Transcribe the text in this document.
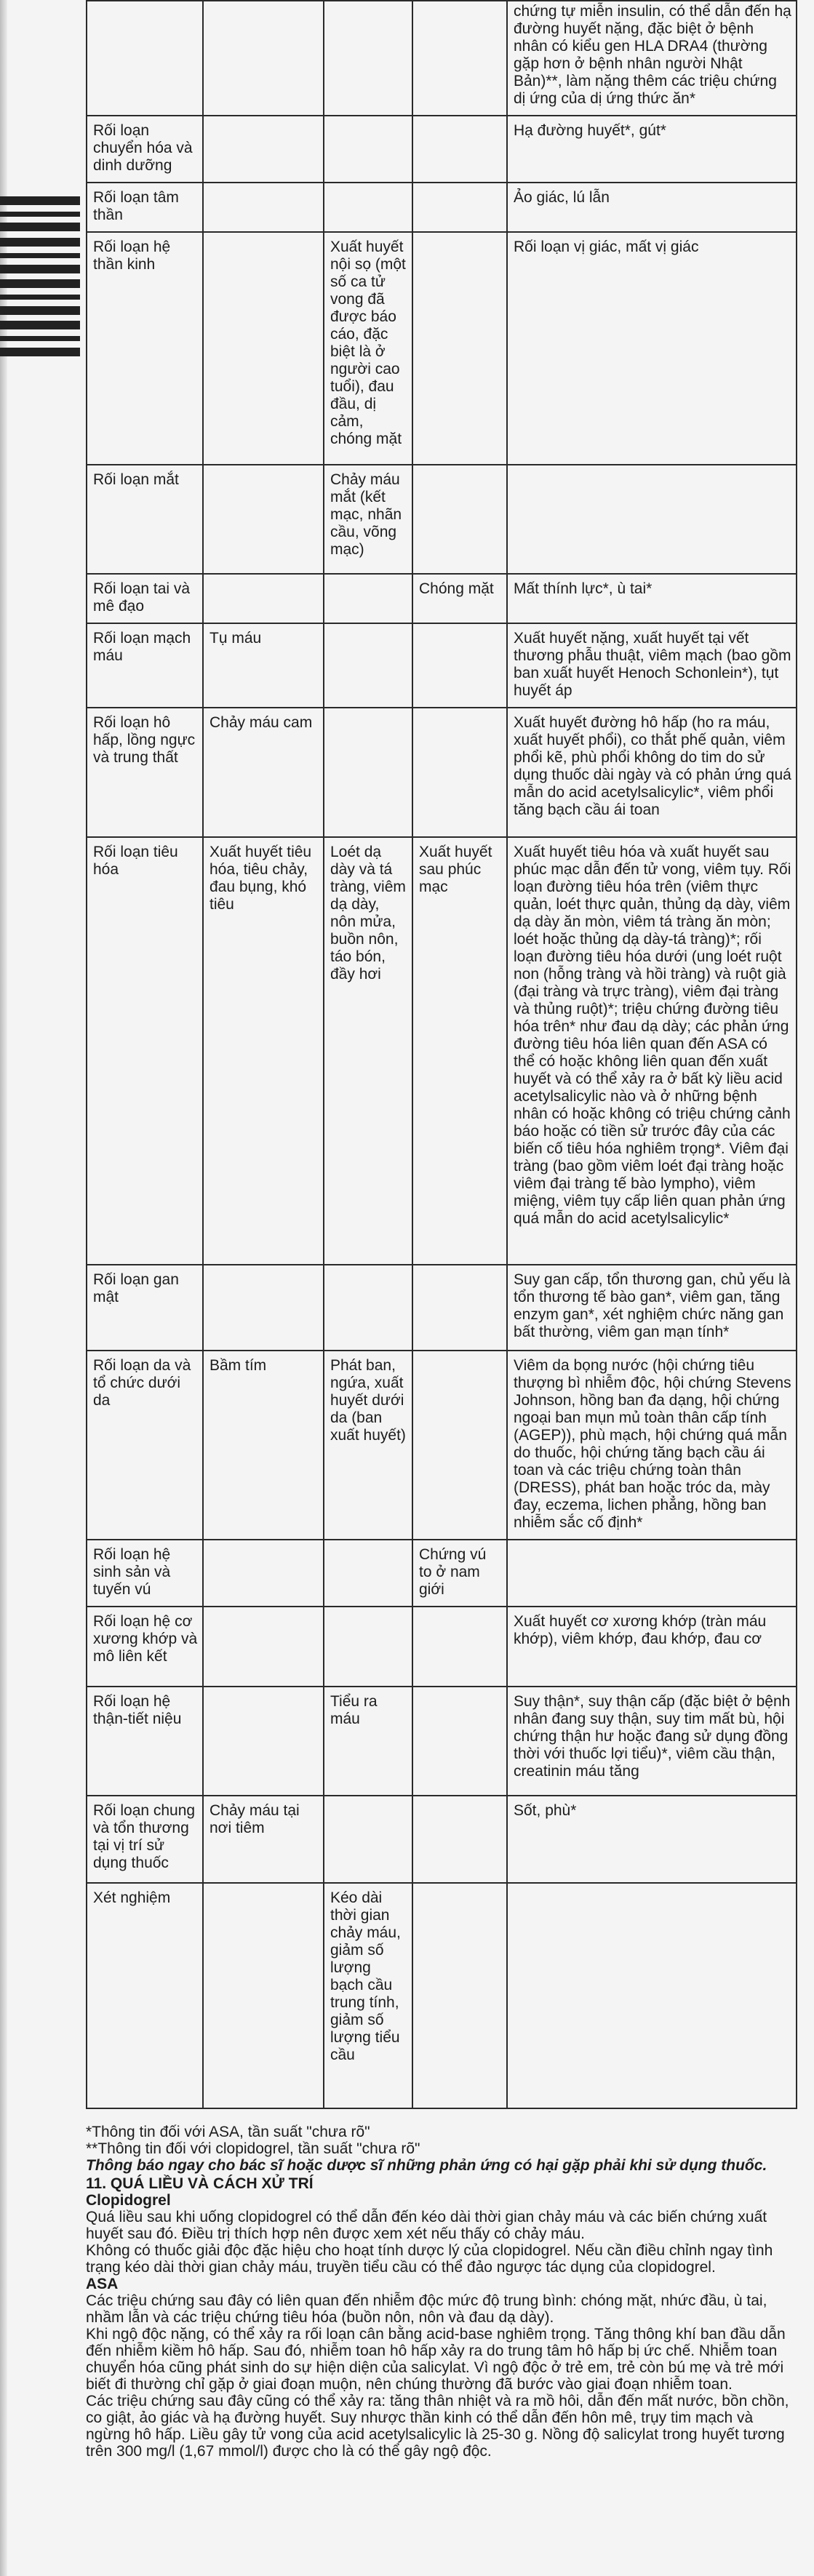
				chứng tự miễn insulin, có thể dẫn đến hạ đường huyết nặng, đặc biệt ở bệnh nhân có kiểu gen HLA DRA4 (thường gặp hơn ở bệnh nhân người Nhật Bản)**, làm nặng thêm các triệu chứng dị ứng của dị ứng thức ăn*
Rối loạn chuyển hóa và dinh dưỡng				Hạ đường huyết*, gút*
Rối loạn tâm thần				Ảo giác, lú lẫn
Rối loạn hệ thần kinh		Xuất huyết nội sọ (một số ca tử vong đã được báo cáo, đặc biệt là ở người cao tuổi), đau đầu, dị cảm, chóng mặt		Rối loạn vị giác, mất vị giác
Rối loạn mắt		Chảy máu mắt (kết mạc, nhãn cầu, võng mạc)		
Rối loạn tai và mê đạo			Chóng mặt	Mất thính lực*, ù tai*
Rối loạn mạch máu	Tụ máu			Xuất huyết nặng, xuất huyết tại vết thương phẫu thuật, viêm mạch (bao gồm ban xuất huyết Henoch Schonlein*), tụt huyết áp
Rối loạn hô hấp, lồng ngực và trung thất	Chảy máu cam			Xuất huyết đường hô hấp (ho ra máu, xuất huyết phổi), co thắt phế quản, viêm phổi kẽ, phù phổi không do tim do sử dụng thuốc dài ngày và có phản ứng quá mẫn do acid acetylsalicylic*, viêm phổi tăng bạch cầu ái toan
Rối loạn tiêu hóa	Xuất huyết tiêu hóa, tiêu chảy, đau bụng, khó tiêu	Loét dạ dày và tá tràng, viêm dạ dày, nôn mửa, buồn nôn, táo bón, đầy hơi	Xuất huyết sau phúc mạc	Xuất huyết tiêu hóa và xuất huyết sau phúc mạc dẫn đến tử vong, viêm tụy. Rối loạn đường tiêu hóa trên (viêm thực quản, loét thực quản, thủng dạ dày, viêm dạ dày ăn mòn, viêm tá tràng ăn mòn; loét hoặc thủng dạ dày-tá tràng)*; rối loạn đường tiêu hóa dưới (ung loét ruột non (hỗng tràng và hồi tràng) và ruột già (đại tràng và trực tràng), viêm đại tràng và thủng ruột)*; triệu chứng đường tiêu hóa trên* như đau dạ dày; các phản ứng đường tiêu hóa liên quan đến ASA có thể có hoặc không liên quan đến xuất huyết và có thể xảy ra ở bất kỳ liều acid acetylsalicylic nào và ở những bệnh nhân có hoặc không có triệu chứng cảnh báo hoặc có tiền sử trước đây của các biến cố tiêu hóa nghiêm trọng*. Viêm đại tràng (bao gồm viêm loét đại tràng hoặc viêm đại tràng tế bào lympho), viêm miệng, viêm tụy cấp liên quan phản ứng quá mẫn do acid acetylsalicylic*
Rối loạn gan mật				Suy gan cấp, tổn thương gan, chủ yếu là tổn thương tế bào gan*, viêm gan, tăng enzym gan*, xét nghiệm chức năng gan bất thường, viêm gan mạn tính*
Rối loạn da và tổ chức dưới da	Bầm tím	Phát ban, ngứa, xuất huyết dưới da (ban xuất huyết)		Viêm da bọng nước (hội chứng tiêu thượng bì nhiễm độc, hội chứng Stevens Johnson, hồng ban đa dạng, hội chứng ngoại ban mụn mủ toàn thân cấp tính (AGEP)), phù mạch, hội chứng quá mẫn do thuốc, hội chứng tăng bạch cầu ái toan và các triệu chứng toàn thân (DRESS), phát ban hoặc tróc da, mày đay, eczema, lichen phẳng, hồng ban nhiễm sắc cố định*
Rối loạn hệ sinh sản và tuyến vú			Chứng vú to ở nam giới	
Rối loạn hệ cơ xương khớp và mô liên kết				Xuất huyết cơ xương khớp (tràn máu khớp), viêm khớp, đau khớp, đau cơ
Rối loạn hệ thận-tiết niệu		Tiểu ra máu		Suy thận*, suy thận cấp (đặc biệt ở bệnh nhân đang suy thận, suy tim mất bù, hội chứng thận hư hoặc đang sử dụng đồng thời với thuốc lợi tiểu)*, viêm cầu thận, creatinin máu tăng
Rối loạn chung và tổn thương tại vị trí sử dụng thuốc	Chảy máu tại nơi tiêm			Sốt, phù*
Xét nghiệm		Kéo dài thời gian chảy máu, giảm số lượng bạch cầu trung tính, giảm số lượng tiểu cầu		

*Thông tin đối với ASA, tần suất "chưa rõ"

**Thông tin đối với clopidogrel, tần suất "chưa rõ"

Thông báo ngay cho bác sĩ hoặc dược sĩ những phản ứng có hại gặp phải khi sử dụng thuốc.

11. QUÁ LIỀU VÀ CÁCH XỬ TRÍ

Clopidogrel

Quá liều sau khi uống clopidogrel có thể dẫn đến kéo dài thời gian chảy máu và các biến chứng xuất huyết sau đó. Điều trị thích hợp nên được xem xét nếu thấy có chảy máu.

Không có thuốc giải độc đặc hiệu cho hoạt tính dược lý của clopidogrel. Nếu cần điều chỉnh ngay tình trạng kéo dài thời gian chảy máu, truyền tiểu cầu có thể đảo ngược tác dụng của clopidogrel.

ASA

Các triệu chứng sau đây có liên quan đến nhiễm độc mức độ trung bình: chóng mặt, nhức đầu, ù tai, nhầm lẫn và các triệu chứng tiêu hóa (buồn nôn, nôn và đau dạ dày).

Khi ngộ độc nặng, có thể xảy ra rối loạn cân bằng acid-base nghiêm trọng. Tăng thông khí ban đầu dẫn đến nhiễm kiềm hô hấp. Sau đó, nhiễm toan hô hấp xảy ra do trung tâm hô hấp bị ức chế. Nhiễm toan chuyển hóa cũng phát sinh do sự hiện diện của salicylat. Vì ngộ độc ở trẻ em, trẻ còn bú mẹ và trẻ mới biết đi thường chỉ gặp ở giai đoạn muộn, nên chúng thường đã bước vào giai đoạn nhiễm toan.

Các triệu chứng sau đây cũng có thể xảy ra: tăng thân nhiệt và ra mồ hôi, dẫn đến mất nước, bồn chồn, co giật, ảo giác và hạ đường huyết. Suy nhược thần kinh có thể dẫn đến hôn mê, trụy tim mạch và ngừng hô hấp. Liều gây tử vong của acid acetylsalicylic là 25-30 g. Nồng độ salicylat trong huyết tương trên 300 mg/l (1,67 mmol/l) được cho là có thể gây ngộ độc.
